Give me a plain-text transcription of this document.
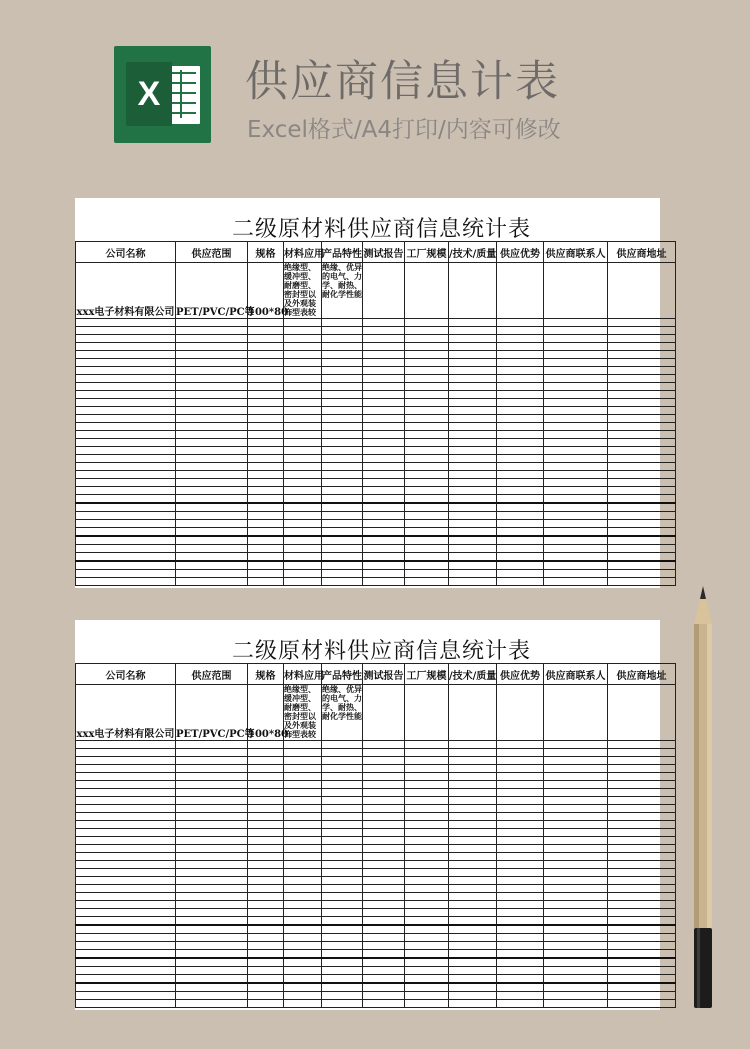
X 供应商信息计表
Excel格式/A4打印/内容可修改
二级原材料供应商信息统计表
公司名称	供应范围	规格	材料应用	产品特性	测试报告	工厂规模	/技术/质量	供应优势	供应商联系人	供应商地址
xxx电子材料有限公司	PET/PVC/PC等	100*80	绝缘型、缓冲型、耐磨型、密封型以及外观装饰型表较	绝缘、优异的电气、力学、耐热、耐化学性能						

二级原材料供应商信息统计表
公司名称	供应范围	规格	材料应用	产品特性	测试报告	工厂规模	/技术/质量	供应优势	供应商联系人	供应商地址
xxx电子材料有限公司	PET/PVC/PC等	100*80	绝缘型、缓冲型、耐磨型、密封型以及外观装饰型表较	绝缘、优异的电气、力学、耐热、耐化学性能						
